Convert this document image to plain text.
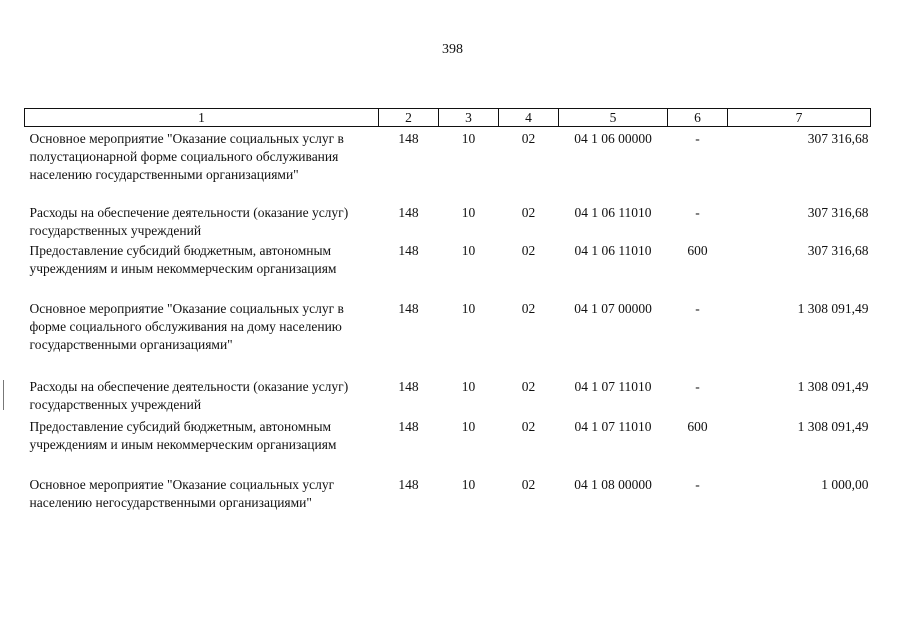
398
1	2	3	4	5	6	7
Основное мероприятие "Оказание социальных услуг в полустационарной форме социального обслуживания населению государственными организациями"	148	10	02	04 1 06 00000	-	307 316,68
Расходы на обеспечение деятельности (оказание услуг) государственных учреждений	148	10	02	04 1 06 11010	-	307 316,68
Предоставление субсидий бюджетным, автономным учреждениям и иным некоммерческим организациям	148	10	02	04 1 06 11010	600	307 316,68
Основное мероприятие "Оказание социальных услуг в форме социального обслуживания на дому населению государственными организациями"	148	10	02	04 1 07 00000	-	1 308 091,49
Расходы на обеспечение деятельности (оказание услуг) государственных учреждений	148	10	02	04 1 07 11010	-	1 308 091,49
Предоставление субсидий бюджетным, автономным учреждениям и иным некоммерческим организациям	148	10	02	04 1 07 11010	600	1 308 091,49
Основное мероприятие "Оказание социальных услуг населению негосударственными организациями"	148	10	02	04 1 08 00000	-	1 000,00
